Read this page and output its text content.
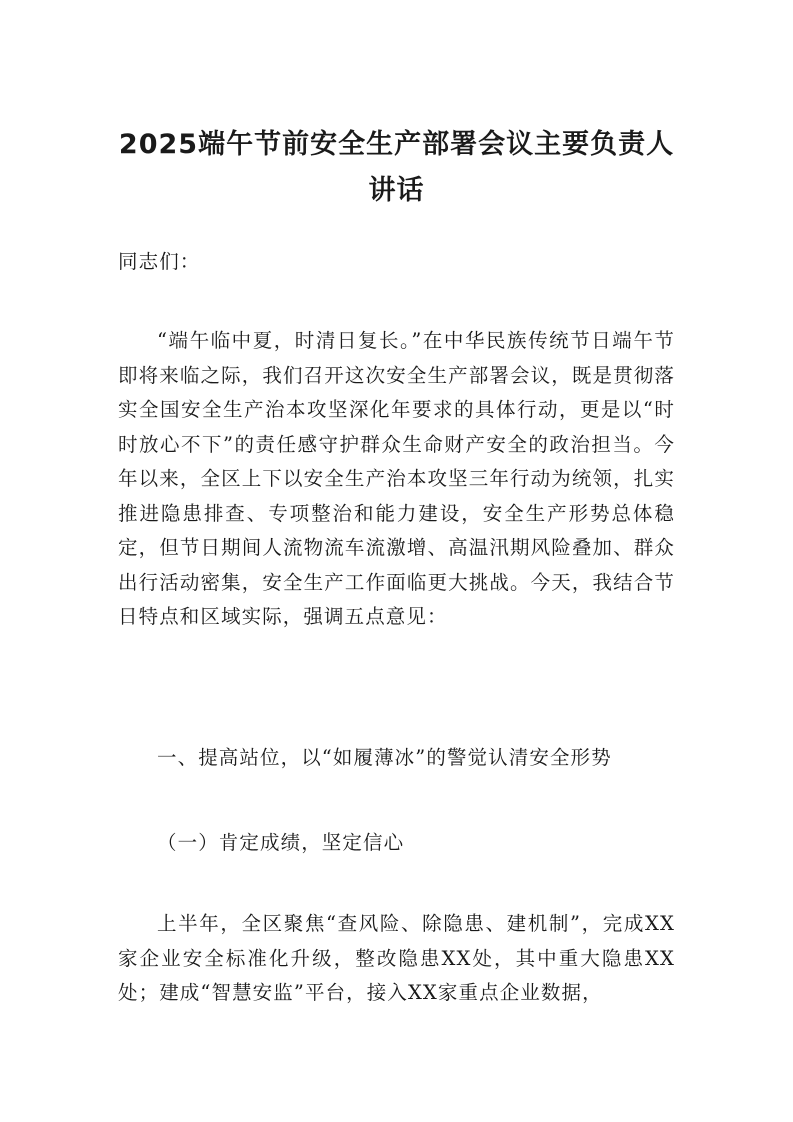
2025端午节前安全生产部署会议主要负责人讲话
同志们：
“端午临中夏，时清日复长。”在中华民族传统节日端午节即将来临之际，我们召开这次安全生产部署会议，既是贯彻落实全国安全生产治本攻坚深化年要求的具体行动，更是以“时时放心不下”的责任感守护群众生命财产安全的政治担当。今年以来，全区上下以安全生产治本攻坚三年行动为统领，扎实推进隐患排查、专项整治和能力建设，安全生产形势总体稳定，但节日期间人流物流车流激增、高温汛期风险叠加、群众出行活动密集，安全生产工作面临更大挑战。今天，我结合节日特点和区域实际，强调五点意见：
一、提高站位，以“如履薄冰”的警觉认清安全形势
（一）肯定成绩，坚定信心
上半年，全区聚焦“查风险、除隐患、建机制”，完成XX家企业安全标准化升级，整改隐患XX处，其中重大隐患XX处；建成“智慧安监”平台，接入XX家重点企业数据，
